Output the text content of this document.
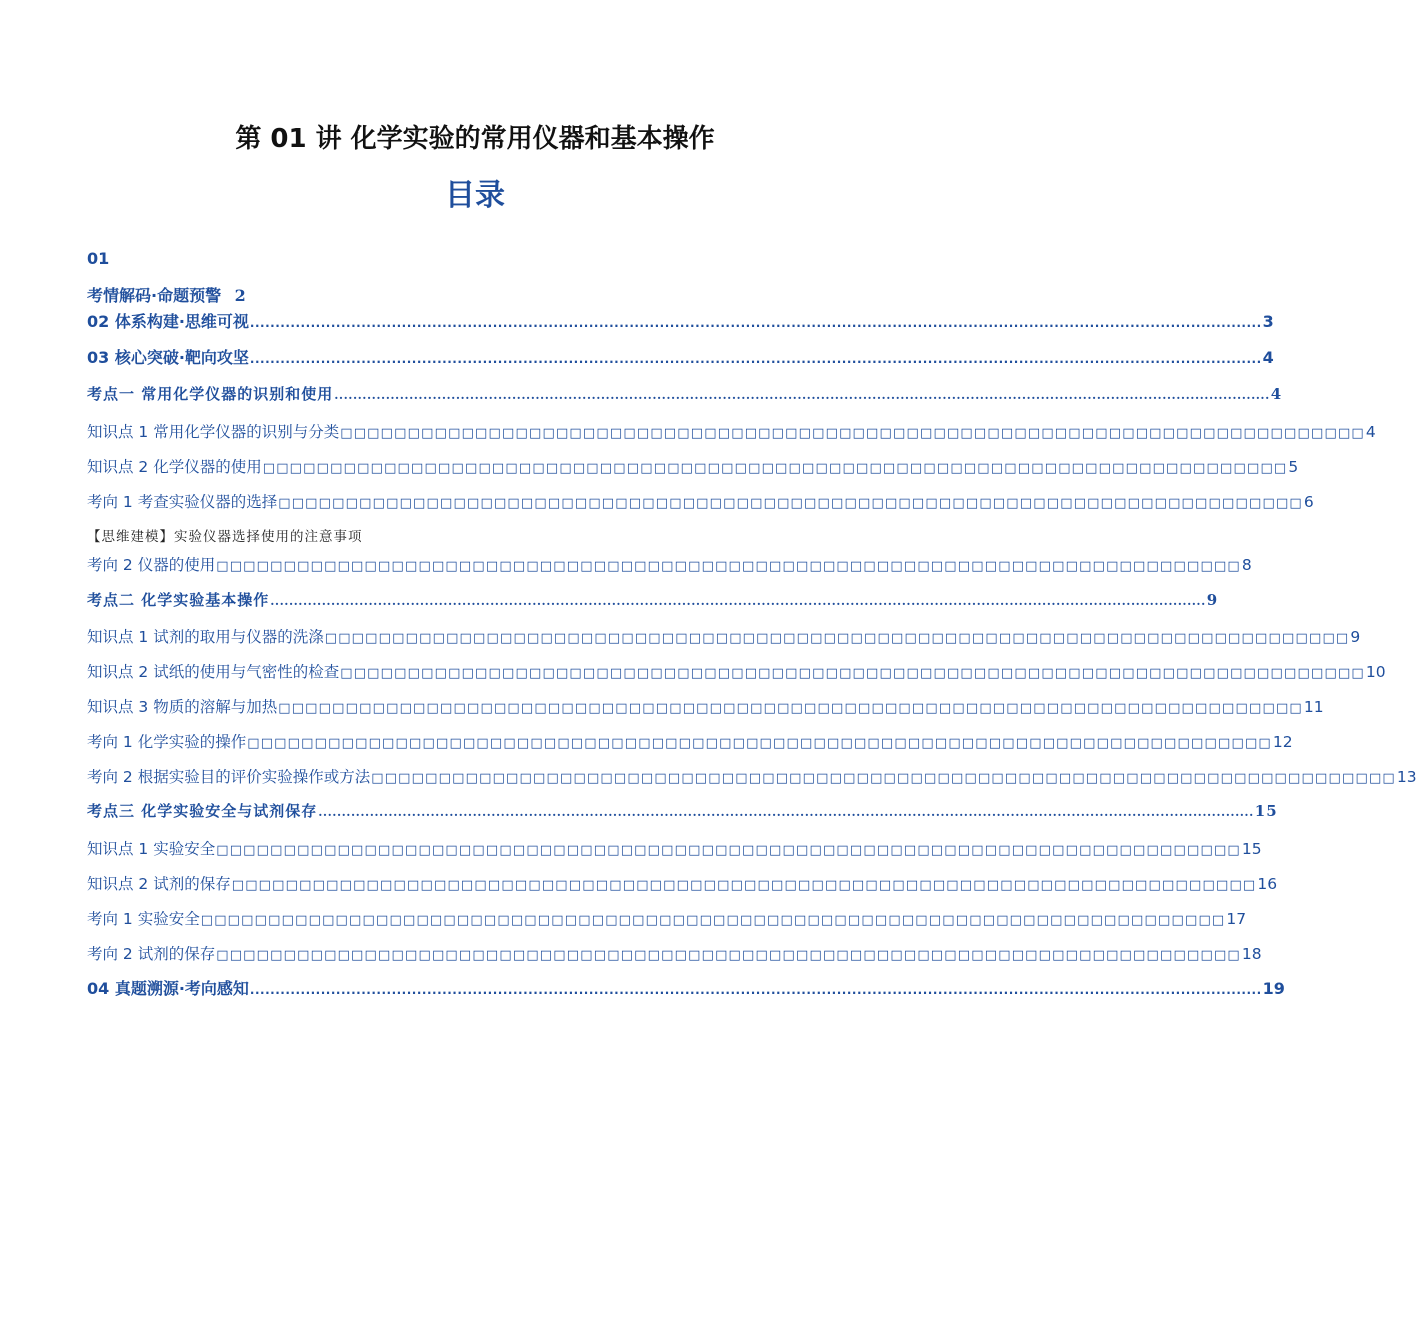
第 01 讲 化学实验的常用仪器和基本操作
目录
01
考情解码·命题预警 2
02 体系构建·思维可视 ........................................................................................................................................................................................................ 3
03 核心突破·靶向攻坚 ........................................................................................................................................................................................................ 4
考点一 常用化学仪器的识别和使用 ........................................................................................................................................................................................................ 4
知识点 1 常用化学仪器的识别与分类 □□□□□□□□□□□□□□□□□□□□□□□□□□□□□□□□□□□□□□□□□□□□□□□□□□□□□□□□□□□□□□□□□□□□□□□□□□□□ 4
知识点 2 化学仪器的使用 □□□□□□□□□□□□□□□□□□□□□□□□□□□□□□□□□□□□□□□□□□□□□□□□□□□□□□□□□□□□□□□□□□□□□□□□□□□□ 5
考向 1 考查实验仪器的选择 □□□□□□□□□□□□□□□□□□□□□□□□□□□□□□□□□□□□□□□□□□□□□□□□□□□□□□□□□□□□□□□□□□□□□□□□□□□□ 6
【思维建模】实验仪器选择使用的注意事项
考向 2 仪器的使用 □□□□□□□□□□□□□□□□□□□□□□□□□□□□□□□□□□□□□□□□□□□□□□□□□□□□□□□□□□□□□□□□□□□□□□□□□□□□ 8
考点二 化学实验基本操作 ........................................................................................................................................................................................................ 9
知识点 1 试剂的取用与仪器的洗涤 □□□□□□□□□□□□□□□□□□□□□□□□□□□□□□□□□□□□□□□□□□□□□□□□□□□□□□□□□□□□□□□□□□□□□□□□□□□□ 9
知识点 2 试纸的使用与气密性的检查 □□□□□□□□□□□□□□□□□□□□□□□□□□□□□□□□□□□□□□□□□□□□□□□□□□□□□□□□□□□□□□□□□□□□□□□□□□□□ 10
知识点 3 物质的溶解与加热 □□□□□□□□□□□□□□□□□□□□□□□□□□□□□□□□□□□□□□□□□□□□□□□□□□□□□□□□□□□□□□□□□□□□□□□□□□□□ 11
考向 1 化学实验的操作 □□□□□□□□□□□□□□□□□□□□□□□□□□□□□□□□□□□□□□□□□□□□□□□□□□□□□□□□□□□□□□□□□□□□□□□□□□□□ 12
考向 2 根据实验目的评价实验操作或方法 □□□□□□□□□□□□□□□□□□□□□□□□□□□□□□□□□□□□□□□□□□□□□□□□□□□□□□□□□□□□□□□□□□□□□□□□□□□□ 13
考点三 化学实验安全与试剂保存 ........................................................................................................................................................................................................ 15
知识点 1 实验安全 □□□□□□□□□□□□□□□□□□□□□□□□□□□□□□□□□□□□□□□□□□□□□□□□□□□□□□□□□□□□□□□□□□□□□□□□□□□□ 15
知识点 2 试剂的保存 □□□□□□□□□□□□□□□□□□□□□□□□□□□□□□□□□□□□□□□□□□□□□□□□□□□□□□□□□□□□□□□□□□□□□□□□□□□□ 16
考向 1 实验安全 □□□□□□□□□□□□□□□□□□□□□□□□□□□□□□□□□□□□□□□□□□□□□□□□□□□□□□□□□□□□□□□□□□□□□□□□□□□□ 17
考向 2 试剂的保存 □□□□□□□□□□□□□□□□□□□□□□□□□□□□□□□□□□□□□□□□□□□□□□□□□□□□□□□□□□□□□□□□□□□□□□□□□□□□ 18
04 真题溯源·考向感知 ........................................................................................................................................................................................................ 19
